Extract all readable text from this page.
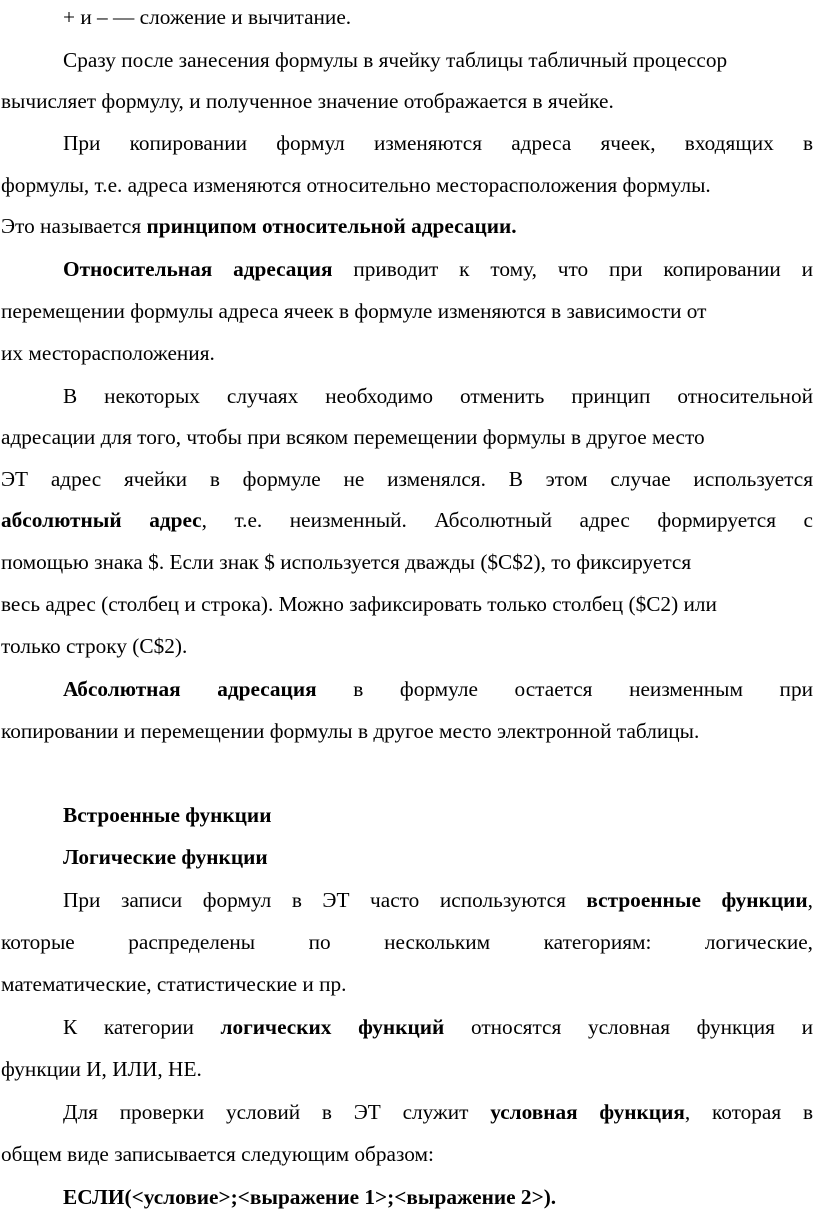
+ и – — сложение и вычитание.
Сразу после занесения формулы в ячейку таблицы табличный процессор
вычисляет формулу, и полученное значение отображается в ячейке.
При копировании формул изменяются адреса ячеек, входящих в
формулы, т.е. адреса изменяются относительно месторасположения формулы.
Это называется принципом относительной адресации.
Относительная адресация приводит к тому, что при копировании и
перемещении формулы адреса ячеек в формуле изменяются в зависимости от
их месторасположения.
В некоторых случаях необходимо отменить принцип относительной
адресации для того, чтобы при всяком перемещении формулы в другое место
ЭТ адрес ячейки в формуле не изменялся. В этом случае используется
абсолютный адрес, т.е. неизменный. Абсолютный адрес формируется с
помощью знака $. Если знак $ используется дважды ($С$2), то фиксируется
весь адрес (столбец и строка). Можно зафиксировать только столбец ($С2) или
только строку (С$2).
Абсолютная адресация в формуле остается неизменным при
копировании и перемещении формулы в другое место электронной таблицы.
Встроенные функции
Логические функции
При записи формул в ЭТ часто используются встроенные функции,
которые распределены по нескольким категориям: логические,
математические, статистические и пр.
К категории логических функций относятся условная функция и
функции И, ИЛИ, НЕ.
Для проверки условий в ЭТ служит условная функция, которая в
общем виде записывается следующим образом:
ЕСЛИ(<условие>;<выражение 1>;<выражение 2>).
